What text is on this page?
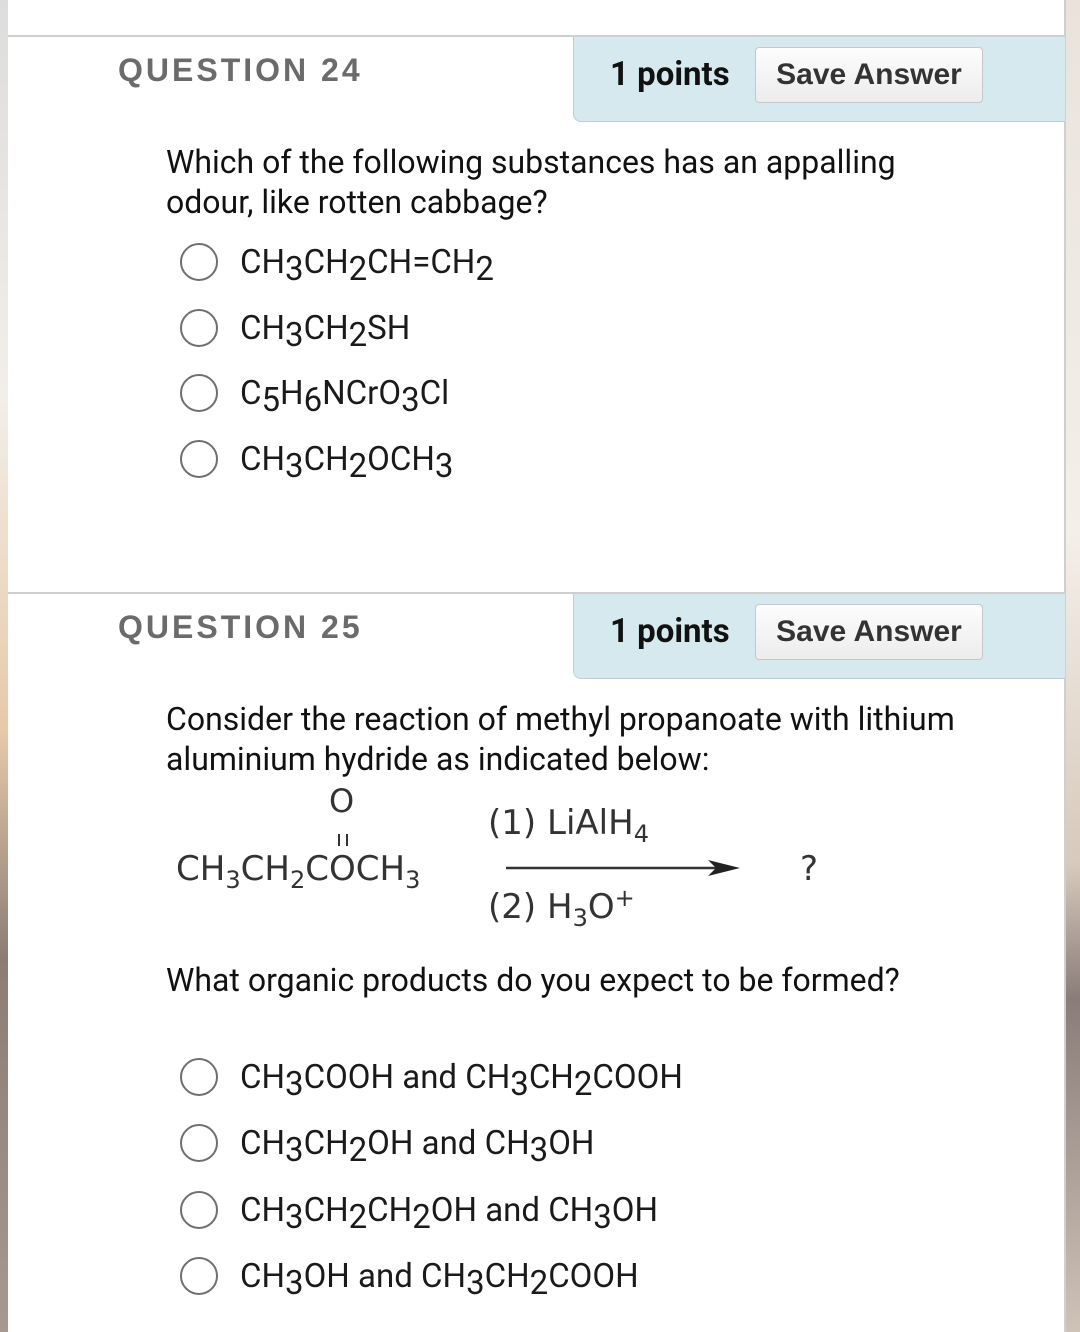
QUESTION 24	1 points	Save Answer
Which of the following substances has an appalling odour, like rotten cabbage?
CH3CH2CH=CH2
CH3CH2SH
C5H6NCrO3Cl
CH3CH2OCH3
QUESTION 25	1 points	Save Answer
Consider the reaction of methyl propanoate with lithium aluminium hydride as indicated below:
O
$CH_3CH_2COCH_3$
(1) LiAlH$_4$
(2) $H_3O^+$
?
What organic products do you expect to be formed?
CH3COOH and CH3CH2COOH
CH3CH2OH and CH3OH
CH3CH2CH2OH and CH3OH
CH3OH and CH3CH2COOH
